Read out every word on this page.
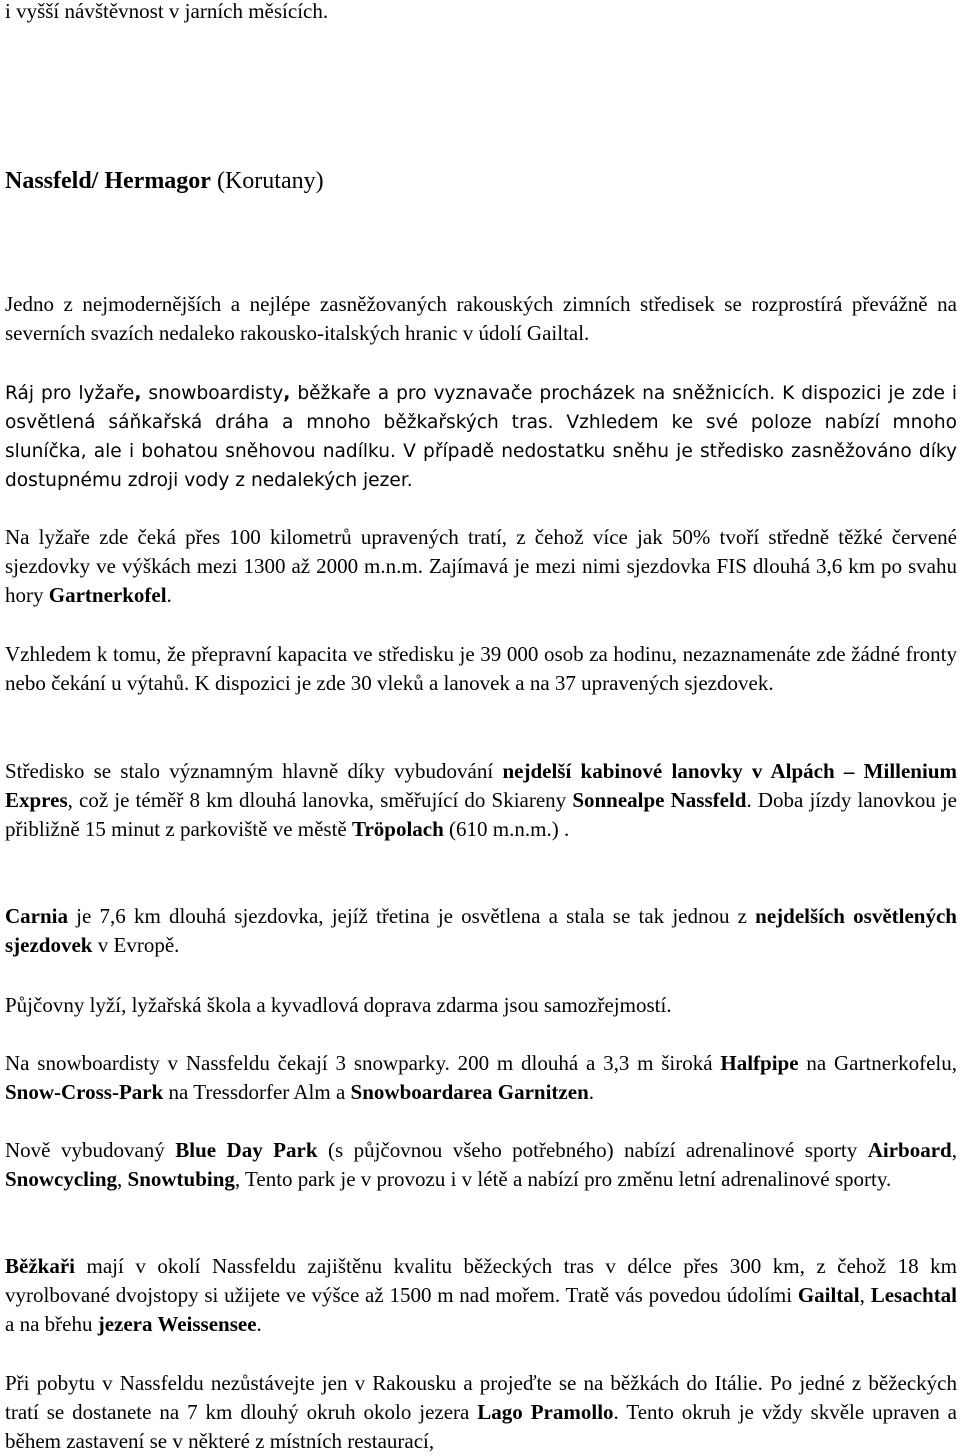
i vyšší návštěvnost v jarních měsících.

Nassfeld/ Hermagor (Korutany)

Jedno z nejmodernějších a nejlépe zasněžovaných rakouských zimních středisek se rozprostírá převážně na severních svazích nedaleko rakousko-italských hranic v údolí Gailtal.

Ráj pro lyžaře, snowboardisty, běžkaře a pro vyznavače procházek na sněžnicích. K dispozici je zde i osvětlená sáňkařská dráha a mnoho běžkařských tras. Vzhledem ke své poloze nabízí mnoho sluníčka, ale i bohatou sněhovou nadílku. V případě nedostatku sněhu je středisko zasněžováno díky dostupnému zdroji vody z nedalekých jezer.

Na lyžaře zde čeká přes 100 kilometrů upravených tratí, z čehož více jak 50% tvoří středně těžké červené sjezdovky ve výškách mezi 1300 až 2000 m.n.m. Zajímavá je mezi nimi sjezdovka FIS dlouhá 3,6 km po svahu hory Gartnerkofel.

Vzhledem k tomu, že přepravní kapacita ve středisku je 39 000 osob za hodinu, nezaznamenáte zde žádné fronty nebo čekání u výtahů. K dispozici je zde 30 vleků a lanovek a na 37 upravených sjezdovek.

Středisko se stalo významným hlavně díky vybudování nejdelší kabinové lanovky v Alpách – Millenium Expres, což je téměř 8 km dlouhá lanovka, směřující do Skiareny Sonnealpe Nassfeld. Doba jízdy lanovkou je přibližně 15 minut z parkoviště ve městě Tröpolach (610 m.n.m.) .

Carnia je 7,6 km dlouhá sjezdovka, jejíž třetina je osvětlena a stala se tak jednou z nejdelších osvětlených sjezdovek v Evropě.

Půjčovny lyží, lyžařská škola a kyvadlová doprava zdarma jsou samozřejmostí.

Na snowboardisty v Nassfeldu čekají 3 snowparky. 200 m dlouhá a 3,3 m široká Halfpipe na Gartnerkofelu, Snow-Cross-Park na Tressdorfer Alm a Snowboardarea Garnitzen.

Nově vybudovaný Blue Day Park (s půjčovnou všeho potřebného) nabízí adrenalinové sporty Airboard, Snowcycling, Snowtubing, Tento park je v provozu i v létě a nabízí pro změnu letní adrenalinové sporty.

Běžkaři mají v okolí Nassfeldu zajištěnu kvalitu běžeckých tras v délce přes 300 km, z čehož 18 km vyrolbované dvojstopy si užijete ve výšce až 1500 m nad mořem. Tratě vás povedou údolími Gailtal, Lesachtal a na břehu jezera Weissensee.

Při pobytu v Nassfeldu nezůstávejte jen v Rakousku a projeďte se na běžkách do Itálie. Po jedné z běžeckých tratí se dostanete na 7 km dlouhý okruh okolo jezera Lago Pramollo. Tento okruh je vždy skvěle upraven a během zastavení se v některé z místních restaurací,
